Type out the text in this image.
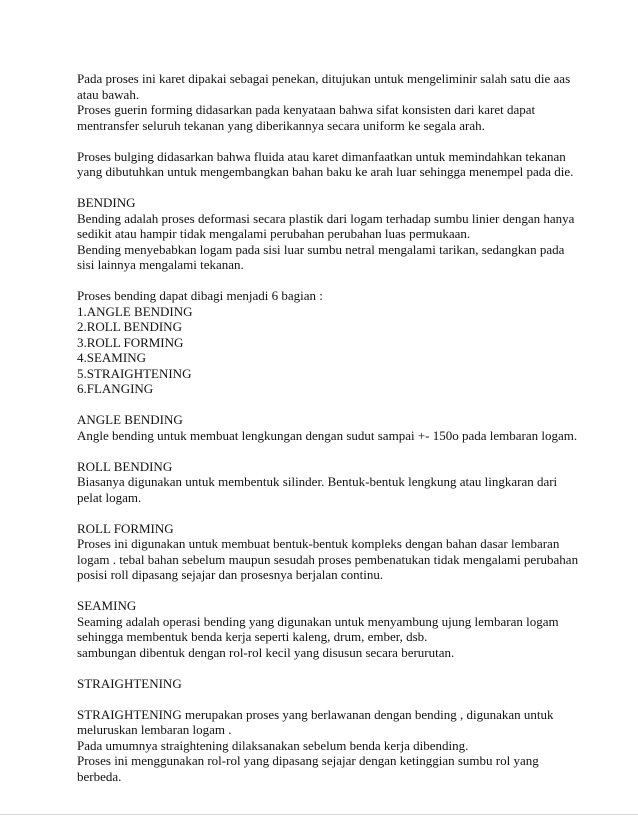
Pada proses ini karet dipakai sebagai penekan, ditujukan untuk mengeliminir salah satu die aas
atau bawah.
Proses guerin forming didasarkan pada kenyataan bahwa sifat konsisten dari karet dapat
mentransfer seluruh tekanan yang diberikannya secara uniform ke segala arah.
Proses bulging didasarkan bahwa fluida atau karet dimanfaatkan untuk memindahkan tekanan
yang dibutuhkan untuk mengembangkan bahan baku ke arah luar sehingga menempel pada die.
BENDING
Bending adalah proses deformasi secara plastik dari logam terhadap sumbu linier dengan hanya
sedikit atau hampir tidak mengalami perubahan perubahan luas permukaan.
Bending menyebabkan logam pada sisi luar sumbu netral mengalami tarikan, sedangkan pada
sisi lainnya mengalami tekanan.
Proses bending dapat dibagi menjadi 6 bagian :
1.ANGLE BENDING
2.ROLL BENDING
3.ROLL FORMING
4.SEAMING
5.STRAIGHTENING
6.FLANGING
ANGLE BENDING
Angle bending untuk membuat lengkungan dengan sudut sampai +- 150o pada lembaran logam.
ROLL BENDING
Biasanya digunakan untuk membentuk silinder. Bentuk-bentuk lengkung atau lingkaran dari
pelat logam.
ROLL FORMING
Proses ini digunakan untuk membuat bentuk-bentuk kompleks dengan bahan dasar lembaran
logam . tebal bahan sebelum maupun sesudah proses pembenatukan tidak mengalami perubahan
posisi roll dipasang sejajar dan prosesnya berjalan continu.
SEAMING
Seaming adalah operasi bending yang digunakan untuk menyambung ujung lembaran logam
sehingga membentuk benda kerja seperti kaleng, drum, ember, dsb.
sambungan dibentuk dengan rol-rol kecil yang disusun secara berurutan.
STRAIGHTENING
STRAIGHTENING merupakan proses yang berlawanan dengan bending , digunakan untuk
meluruskan lembaran logam .
Pada umumnya straightening dilaksanakan sebelum benda kerja dibending.
Proses ini menggunakan rol-rol yang dipasang sejajar dengan ketinggian sumbu rol yang
berbeda.
